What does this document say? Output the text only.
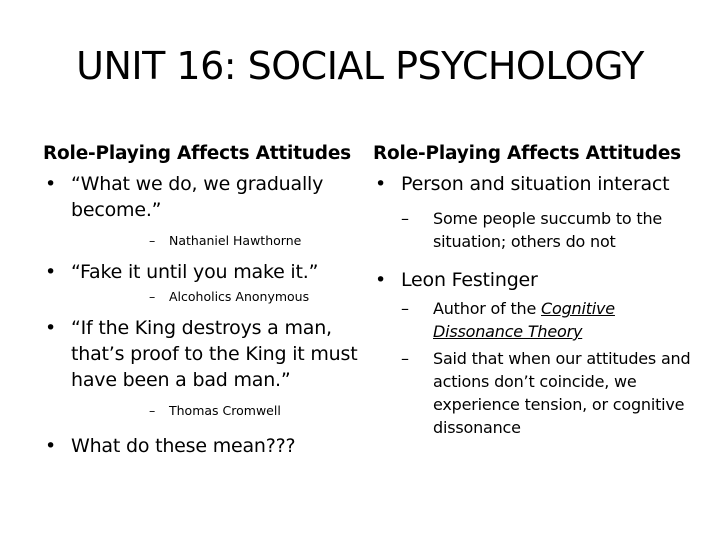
UNIT 16: SOCIAL PSYCHOLOGY
Role-Playing Affects Attitudes
• “What we do, we gradually become.”
– Nathaniel Hawthorne
• “Fake it until you make it.”
– Alcoholics Anonymous
• “If the King destroys a man, that’s proof to the King it must have been a bad man.”
– Thomas Cromwell
• What do these mean???
Role-Playing Affects Attitudes
• Person and situation interact
– Some people succumb to the situation; others do not
• Leon Festinger
– Author of the Cognitive Dissonance Theory
– Said that when our attitudes and actions don’t coincide, we experience tension, or cognitive dissonance
